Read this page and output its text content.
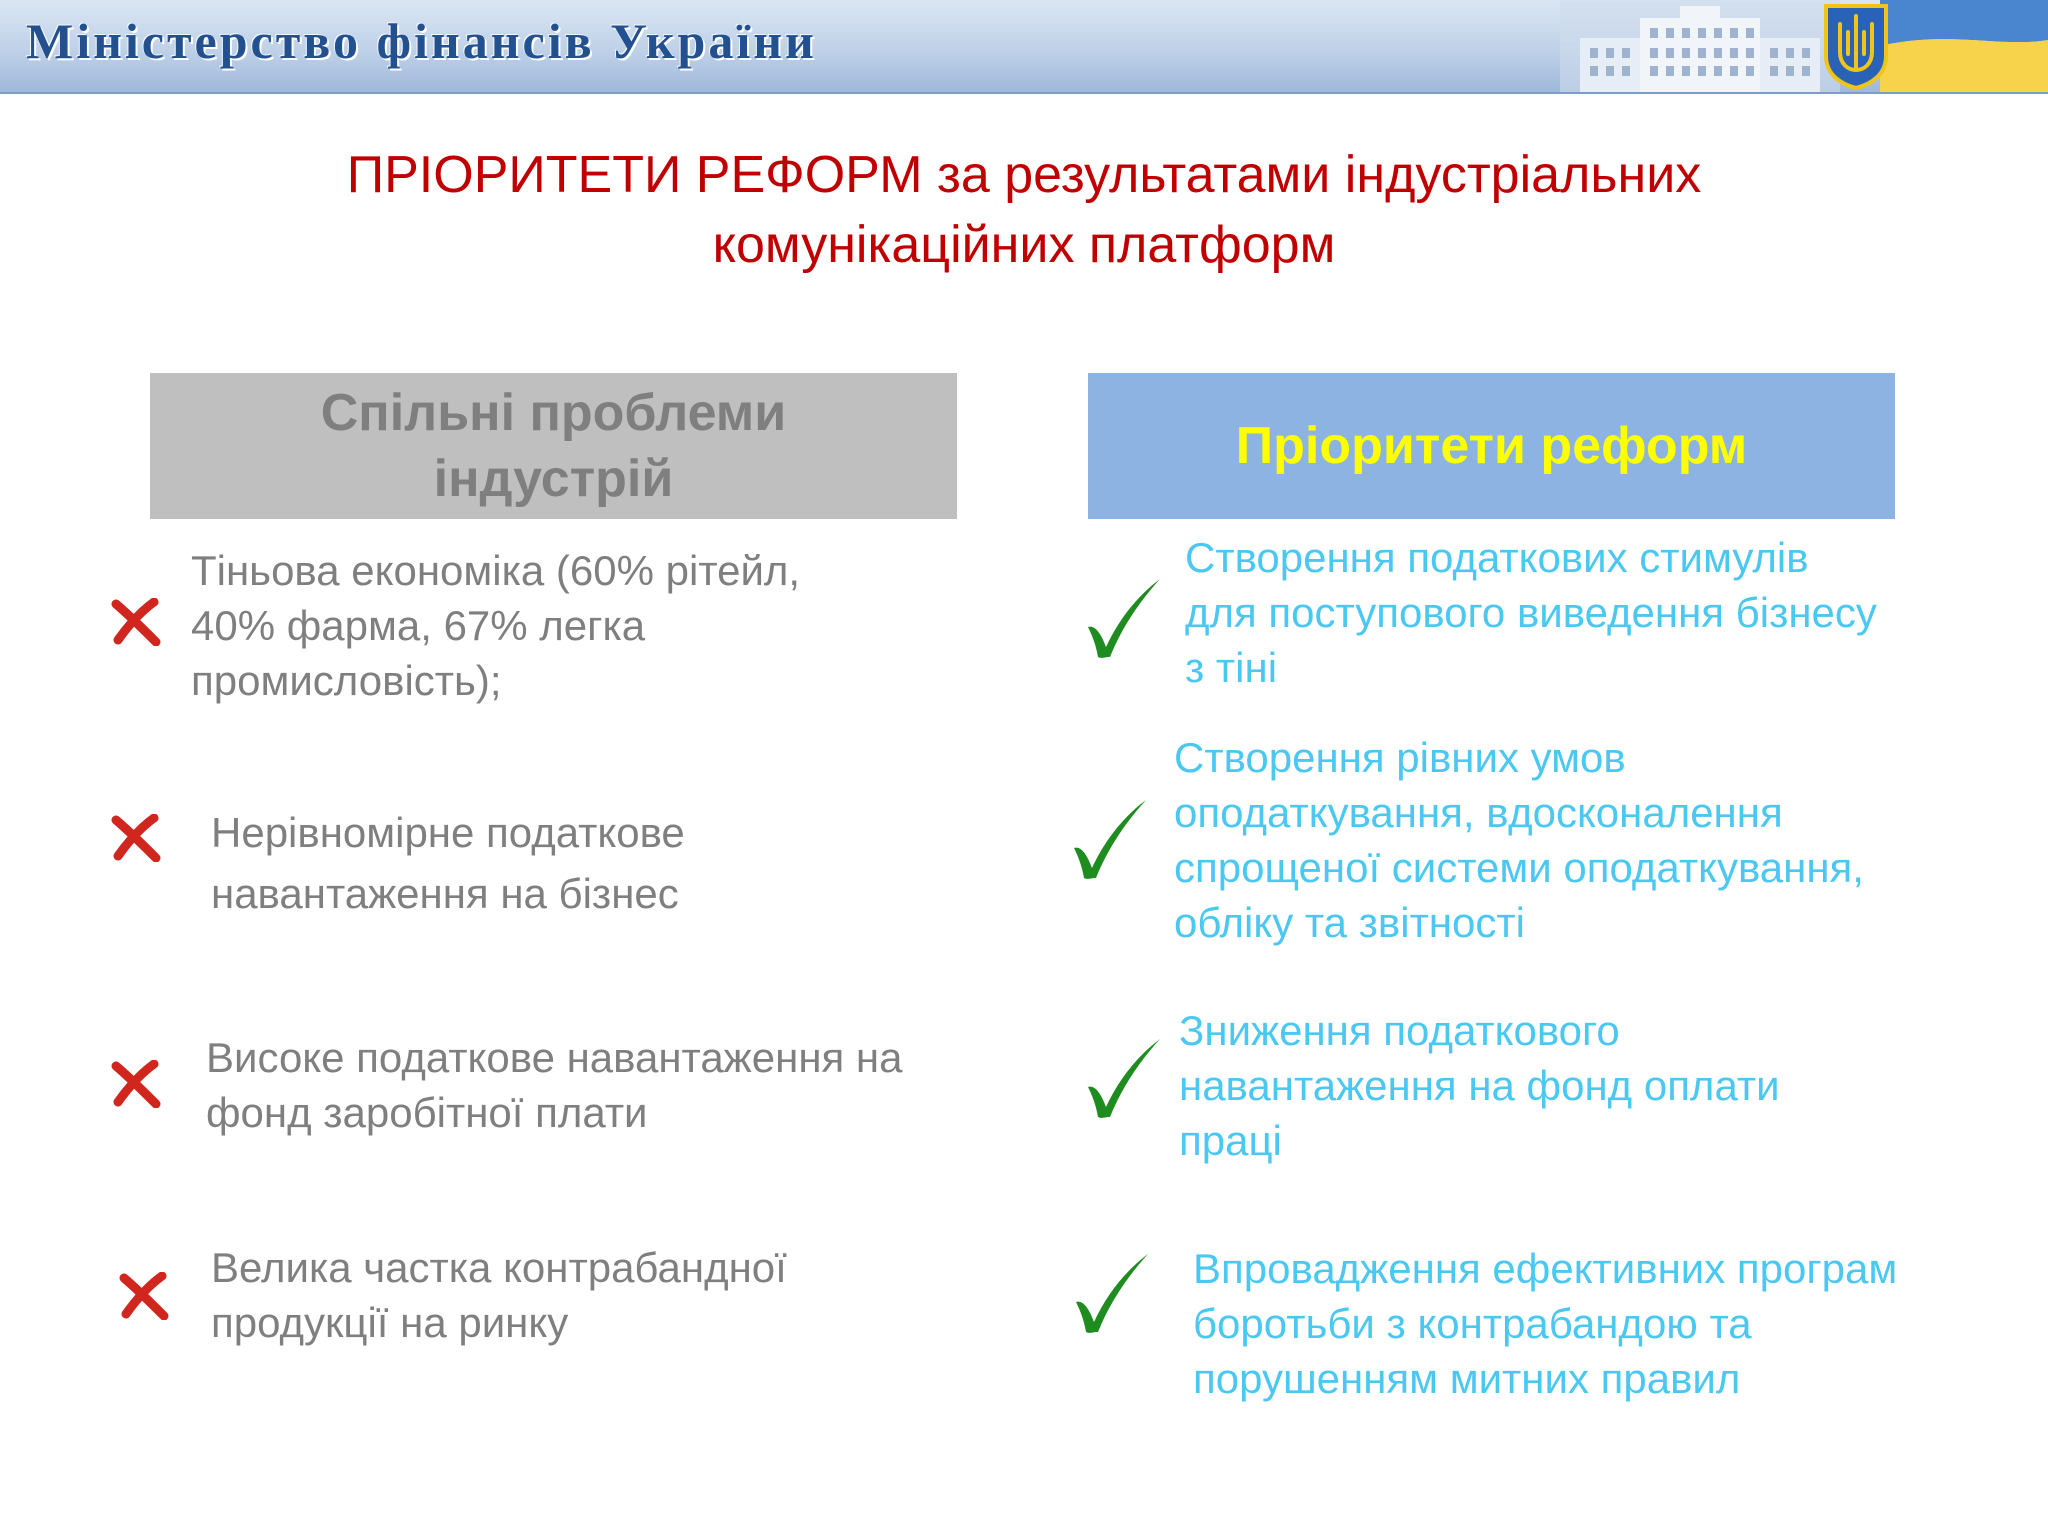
Міністерство фінансів України
ПРІОРИТЕТИ РЕФОРМ за результатами індустріальних
комунікаційних платформ
Спільні проблеми
індустрій
Пріоритети реформ
Тіньова економіка (60% рітейл,
40% фарма, 67% легка
промисловість);
Нерівномірне податкове
навантаження на бізнес
Високе податкове навантаження на
фонд заробітної плати
Велика частка контрабандної
продукції на ринку
Створення податкових стимулів
для поступового виведення бізнесу
з тіні
Створення рівних умов
оподаткування, вдосконалення
спрощеної системи оподаткування,
обліку та звітності
Зниження податкового
навантаження на фонд оплати
праці
Впровадження ефективних програм
боротьби з контрабандою та
порушенням митних правил
